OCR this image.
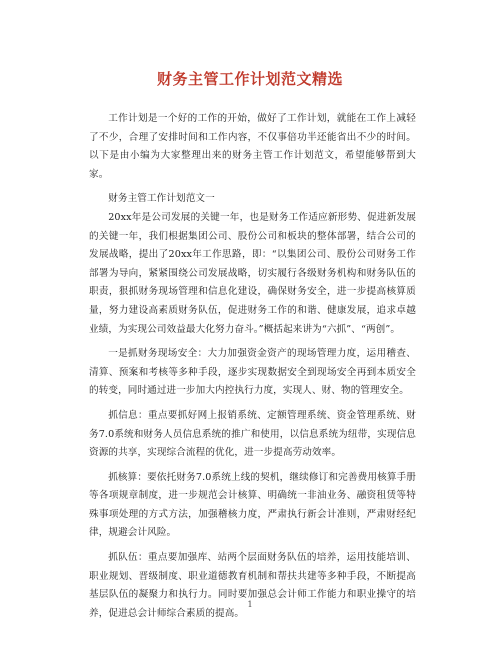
财务主管工作计划范文精选

工作计划是一个好的工作的开始，做好了工作计划，就能在工作上减轻了不少，合理了安排时间和工作内容，不仅事倍功半还能省出不少的时间。以下是由小编为大家整理出来的财务主管工作计划范文，希望能够帮到大家。

财务主管工作计划范文一

20xx年是公司发展的关键一年，也是财务工作适应新形势、促进新发展的关键一年，我们根据集团公司、股份公司和板块的整体部署，结合公司的发展战略，提出了20xx年工作思路，即：“以集团公司、股份公司财务工作部署为导向，紧紧围绕公司发展战略，切实履行各级财务机构和财务队伍的职责，狠抓财务现场管理和信息化建设，确保财务安全，进一步提高核算质量，努力建设高素质财务队伍，促进财务工作的和谐、健康发展，追求卓越业绩，为实现公司效益最大化努力奋斗。”概括起来讲为“六抓”、“两创”。

一是抓财务现场安全：大力加强资金资产的现场管理力度，运用稽查、清算、预案和考核等多种手段，逐步实现数据安全到现场安全再到本质安全的转变，同时通过进一步加大内控执行力度，实现人、财、物的管理安全。

抓信息：重点要抓好网上报销系统、定额管理系统、资金管理系统、财务7.0系统和财务人员信息系统的推广和使用，以信息系统为纽带，实现信息资源的共享，实现综合流程的优化，进一步提高劳动效率。

抓核算：要依托财务7.0系统上线的契机，继续修订和完善费用核算手册等各项规章制度，进一步规范会计核算、明确统一非油业务、融资租赁等特殊事项处理的方式方法，加强稽核力度，严肃执行新会计准则，严肃财经纪律，规避会计风险。

抓队伍：重点要加强库、站两个层面财务队伍的培养，运用技能培训、职业规划、晋级制度、职业道德教育机制和帮扶共建等多种手段，不断提高基层队伍的凝聚力和执行力。同时要加强总会计师工作能力和职业操守的培养，促进总会计师综合素质的提高。

1
